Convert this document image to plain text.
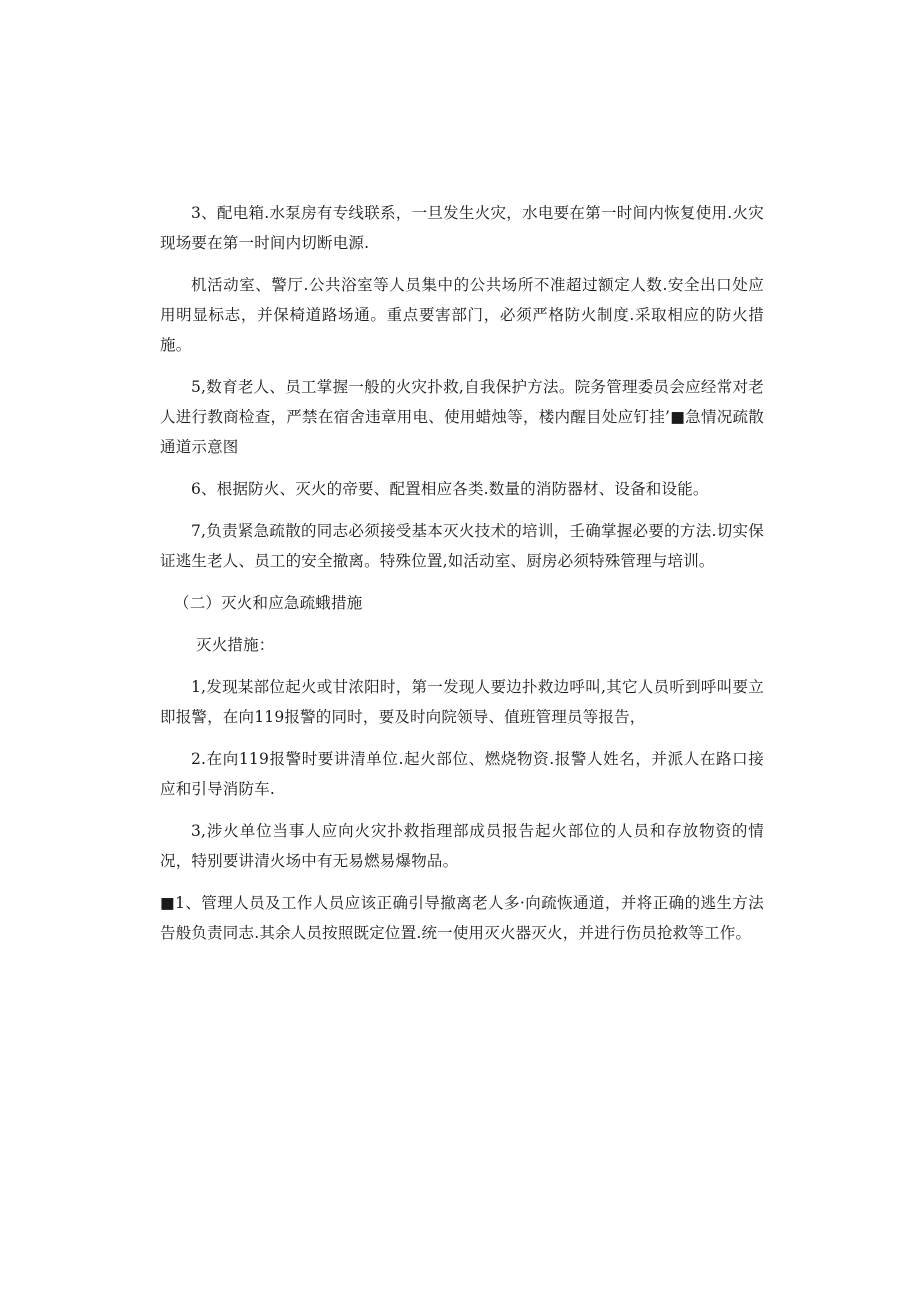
3、配电箱.水泵房有专线联系，一旦发生火灾，水电要在第一时间内恢复使用.火灾现场要在第一时间内切断电源.

机活动室、警厅.公共浴室等人员集中的公共场所不准超过额定人数.安全出口处应用明显标志，并保椅道路场通。重点要害部门，必须严格防火制度.采取相应的防火措施。

5,数育老人、员工掌握一般的火灾扑救,自我保护方法。院务管理委员会应经常对老人进行教商检查，严禁在宿舍违章用电、使用蜡烛等，楼内醒目处应钉挂’■急情况疏散通道示意图

6、根据防火、灭火的帝要、配置相应各类.数量的消防器材、设备和设能。

7,负责紧急疏散的同志必须接受基本灭火技术的培训，壬确掌握必要的方法.切实保证逃生老人、员工的安全撤离。特殊位置,如活动室、厨房必须特殊管理与培训。

（二）灭火和应急疏蛾措施

灭火措施：

1,发现某部位起火或甘浓阳时，第一发现人要边扑救边呼叫,其它人员听到呼叫要立即报警，在向119报警的同时，要及时向院领导、值班管理员等报告，

2.在向119报警时要讲清单位.起火部位、燃烧物资.报警人姓名，并派人在路口接应和引导消防车.

3,涉火单位当事人应向火灾扑救指理部成员报告起火部位的人员和存放物资的情况，特别要讲清火场中有无易燃易爆物品。

■1、管理人员及工作人员应该正确引导撤离老人多·向疏恢通道，并将正确的逃生方法告般负责同志.其余人员按照既定位置.统一使用灭火器灭火，并进行伤员抢救等工作。
